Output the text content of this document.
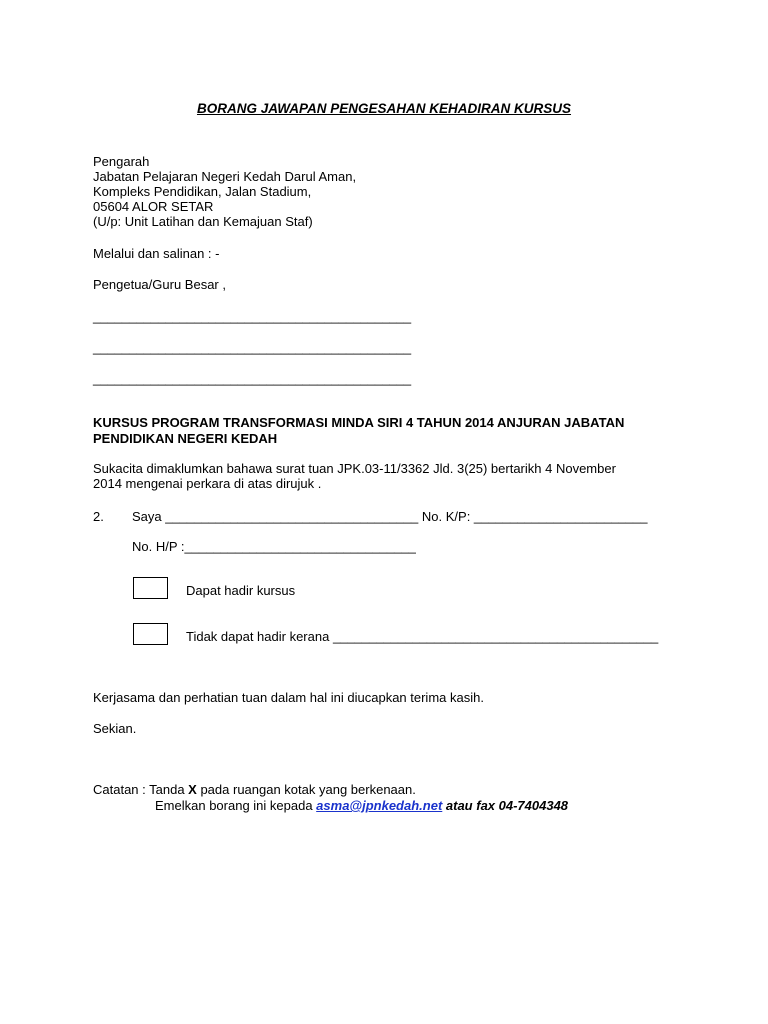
BORANG JAWAPAN PENGESAHAN KEHADIRAN KURSUS
Pengarah
Jabatan Pelajaran Negeri Kedah Darul Aman,
Kompleks Pendidikan, Jalan Stadium,
05604 ALOR SETAR
(U/p: Unit Latihan dan Kemajuan Staf)
Melalui dan salinan : -
Pengetua/Guru Besar ,
____________________________________________
____________________________________________
____________________________________________
KURSUS PROGRAM TRANSFORMASI MINDA SIRI 4 TAHUN 2014 ANJURAN JABATAN
PENDIDIKAN NEGERI KEDAH
Sukacita dimaklumkan bahawa surat tuan JPK.03-11/3362 Jld. 3(25) bertarikh 4 November
2014 mengenai perkara di atas dirujuk .
2. Saya ___________________________________ No. K/P: ________________________
No. H/P :________________________________
Dapat hadir kursus
Tidak dapat hadir kerana _____________________________________________
Kerjasama dan perhatian tuan dalam hal ini diucapkan terima kasih.
Sekian.
Catatan : Tanda X pada ruangan kotak yang berkenaan.
Emelkan borang ini kepada asma@jpnkedah.net atau fax 04-7404348
